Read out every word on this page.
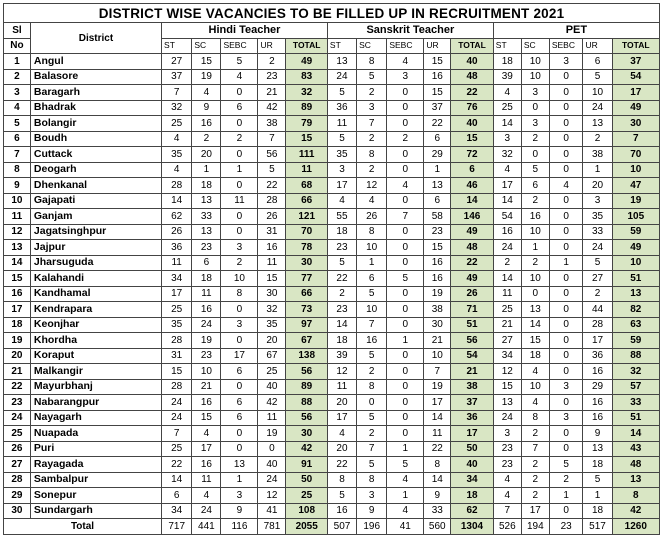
DISTRICT WISE VACANCIES TO BE FILLED UP IN RECRUITMENT 2021																
Sl	District	Hindi Teacher					Sanskrit Teacher					PET				
No		ST	SC	SEBC	UR	TOTAL	ST	SC	SEBC	UR	TOTAL	ST	SC	SEBC	UR	TOTAL
1	Angul	27	15	5	2	49	13	8	4	15	40	18	10	3	6	37
2	Balasore	37	19	4	23	83	24	5	3	16	48	39	10	0	5	54
3	Baragarh	7	4	0	21	32	5	2	0	15	22	4	3	0	10	17
4	Bhadrak	32	9	6	42	89	36	3	0	37	76	25	0	0	24	49
5	Bolangir	25	16	0	38	79	11	7	0	22	40	14	3	0	13	30
6	Boudh	4	2	2	7	15	5	2	2	6	15	3	2	0	2	7
7	Cuttack	35	20	0	56	111	35	8	0	29	72	32	0	0	38	70
8	Deogarh	4	1	1	5	11	3	2	0	1	6	4	5	0	1	10
9	Dhenkanal	28	18	0	22	68	17	12	4	13	46	17	6	4	20	47
10	Gajapati	14	13	11	28	66	4	4	0	6	14	14	2	0	3	19
11	Ganjam	62	33	0	26	121	55	26	7	58	146	54	16	0	35	105
12	Jagatsinghpur	26	13	0	31	70	18	8	0	23	49	16	10	0	33	59
13	Jajpur	36	23	3	16	78	23	10	0	15	48	24	1	0	24	49
14	Jharsuguda	11	6	2	11	30	5	1	0	16	22	2	2	1	5	10
15	Kalahandi	34	18	10	15	77	22	6	5	16	49	14	10	0	27	51
16	Kandhamal	17	11	8	30	66	2	5	0	19	26	11	0	0	2	13
17	Kendrapara	25	16	0	32	73	23	10	0	38	71	25	13	0	44	82
18	Keonjhar	35	24	3	35	97	14	7	0	30	51	21	14	0	28	63
19	Khordha	28	19	0	20	67	18	16	1	21	56	27	15	0	17	59
20	Koraput	31	23	17	67	138	39	5	0	10	54	34	18	0	36	88
21	Malkangir	15	10	6	25	56	12	2	0	7	21	12	4	0	16	32
22	Mayurbhanj	28	21	0	40	89	11	8	0	19	38	15	10	3	29	57
23	Nabarangpur	24	16	6	42	88	20	0	0	17	37	13	4	0	16	33
24	Nayagarh	24	15	6	11	56	17	5	0	14	36	24	8	3	16	51
25	Nuapada	7	4	0	19	30	4	2	0	11	17	3	2	0	9	14
26	Puri	25	17	0	0	42	20	7	1	22	50	23	7	0	13	43
27	Rayagada	22	16	13	40	91	22	5	5	8	40	23	2	5	18	48
28	Sambalpur	14	11	1	24	50	8	8	4	14	34	4	2	2	5	13
29	Sonepur	6	4	3	12	25	5	3	1	9	18	4	2	1	1	8
30	Sundargarh	34	24	9	41	108	16	9	4	33	62	7	17	0	18	42
Total		717	441	116	781	2055	507	196	41	560	1304	526	194	23	517	1260
